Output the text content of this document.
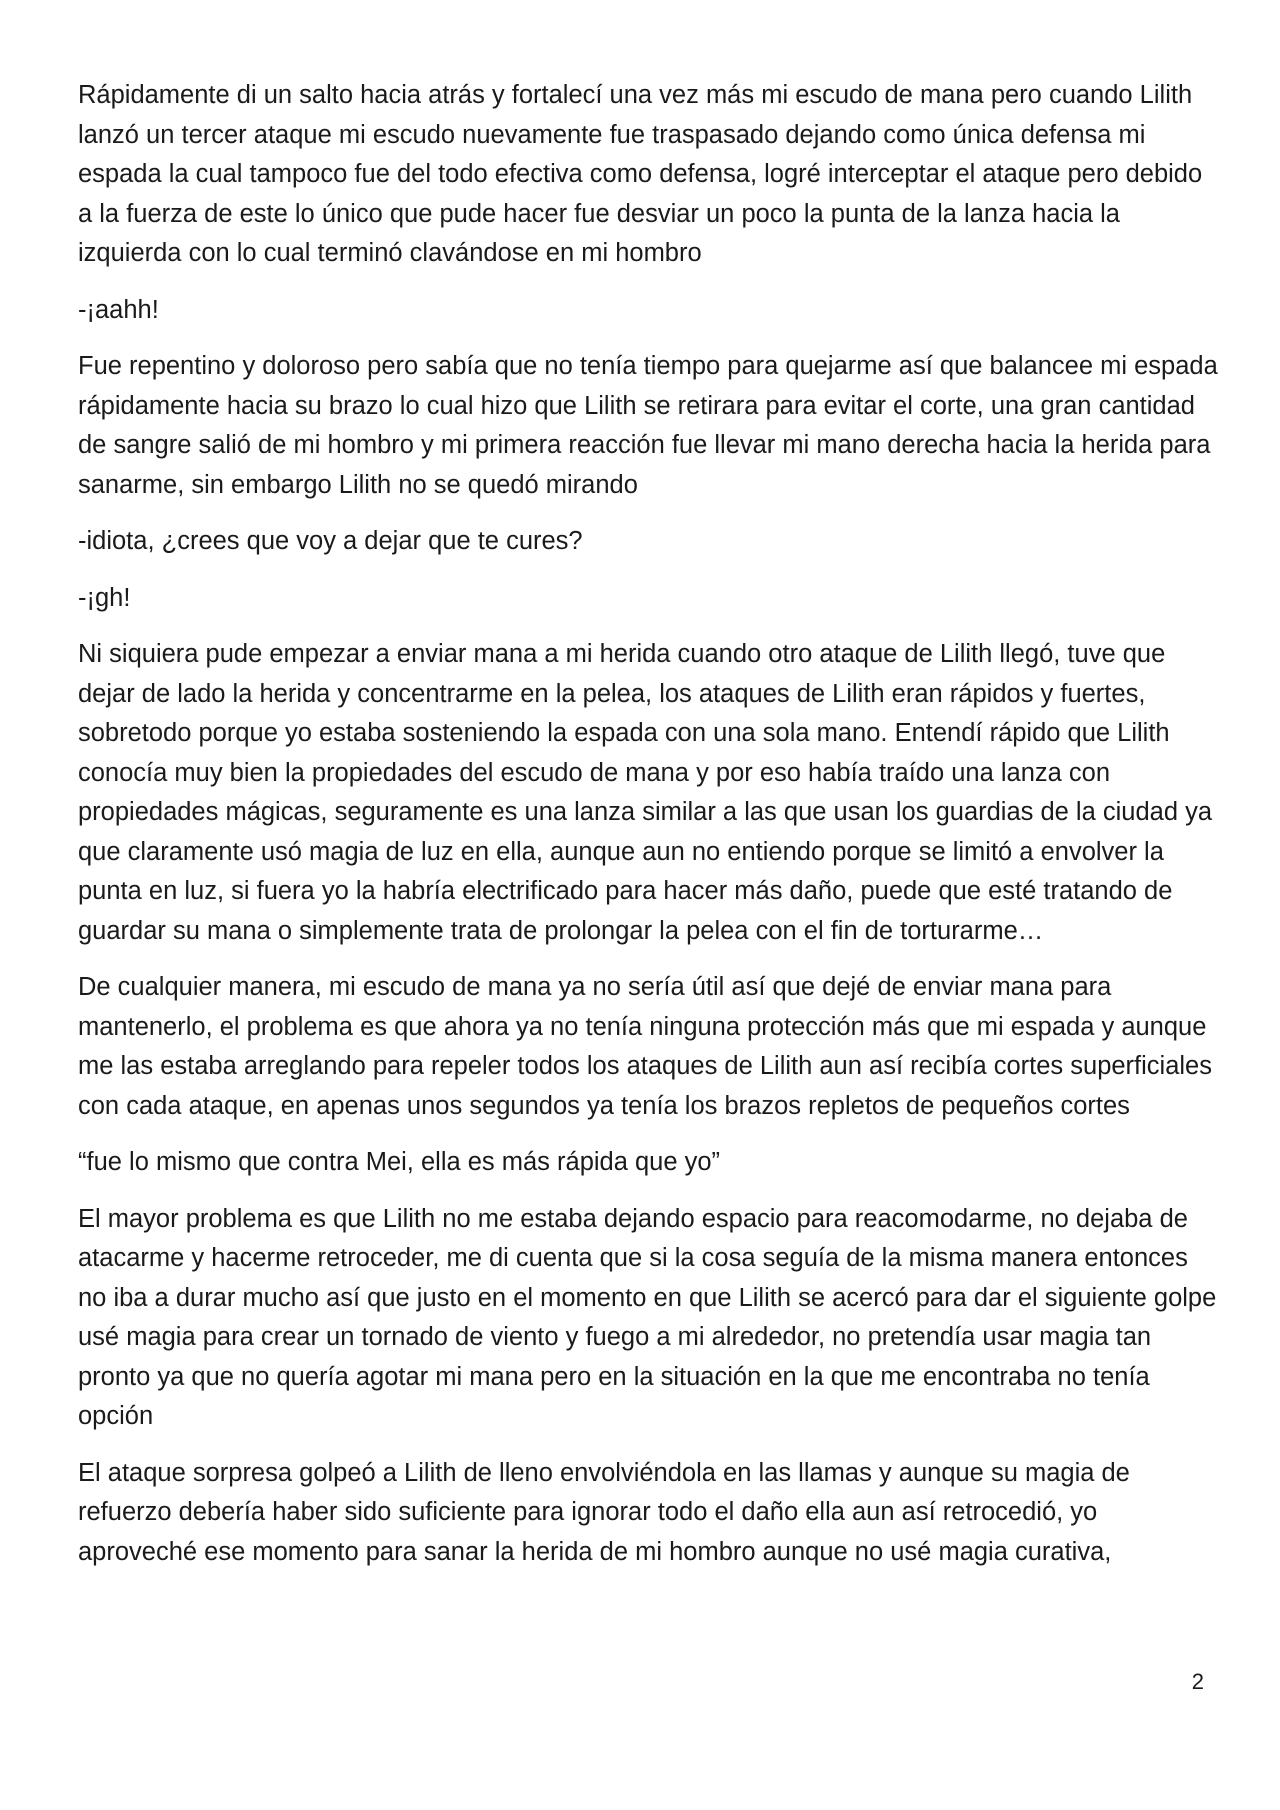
Rápidamente di un salto hacia atrás y fortalecí una vez más mi escudo de mana pero cuando Lilith lanzó un tercer ataque mi escudo nuevamente fue traspasado dejando como única defensa mi espada la cual tampoco fue del todo efectiva como defensa, logré interceptar el ataque pero debido a la fuerza de este lo único que pude hacer fue desviar un poco la punta de la lanza hacia la izquierda con lo cual terminó clavándose en mi hombro

-¡aahh!

Fue repentino y doloroso pero sabía que no tenía tiempo para quejarme así que balancee mi espada rápidamente hacia su brazo lo cual hizo que Lilith se retirara para evitar el corte, una gran cantidad de sangre salió de mi hombro y mi primera reacción fue llevar mi mano derecha hacia la herida para sanarme, sin embargo Lilith no se quedó mirando

-idiota, ¿crees que voy a dejar que te cures?

-¡gh!

Ni siquiera pude empezar a enviar mana a mi herida cuando otro ataque de Lilith llegó, tuve que dejar de lado la herida y concentrarme en la pelea, los ataques de Lilith eran rápidos y fuertes, sobretodo porque yo estaba sosteniendo la espada con una sola mano. Entendí rápido que Lilith conocía muy bien la propiedades del escudo de mana y por eso había traído una lanza con propiedades mágicas, seguramente es una lanza similar a las que usan los guardias de la ciudad ya que claramente usó magia de luz en ella, aunque aun no entiendo porque se limitó a envolver la punta en luz, si fuera yo la habría electrificado para hacer más daño, puede que esté tratando de guardar su mana o simplemente trata de prolongar la pelea con el fin de torturarme…

De cualquier manera, mi escudo de mana ya no sería útil así que dejé de enviar mana para mantenerlo, el problema es que ahora ya no tenía ninguna protección más que mi espada y aunque me las estaba arreglando para repeler todos los ataques de Lilith aun así recibía cortes superficiales con cada ataque, en apenas unos segundos ya tenía los brazos repletos de pequeños cortes

“fue lo mismo que contra Mei, ella es más rápida que yo”

El mayor problema es que Lilith no me estaba dejando espacio para reacomodarme, no dejaba de atacarme y hacerme retroceder, me di cuenta que si la cosa seguía de la misma manera entonces no iba a durar mucho así que justo en el momento en que Lilith se acercó para dar el siguiente golpe usé magia para crear un tornado de viento y fuego a mi alrededor, no pretendía usar magia tan pronto ya que no quería agotar mi mana pero en la situación en la que me encontraba no tenía opción

El ataque sorpresa golpeó a Lilith de lleno envolviéndola en las llamas y aunque su magia de refuerzo debería haber sido suficiente para ignorar todo el daño ella aun así retrocedió, yo aproveché ese momento para sanar la herida de mi hombro aunque no usé magia curativa,

2
